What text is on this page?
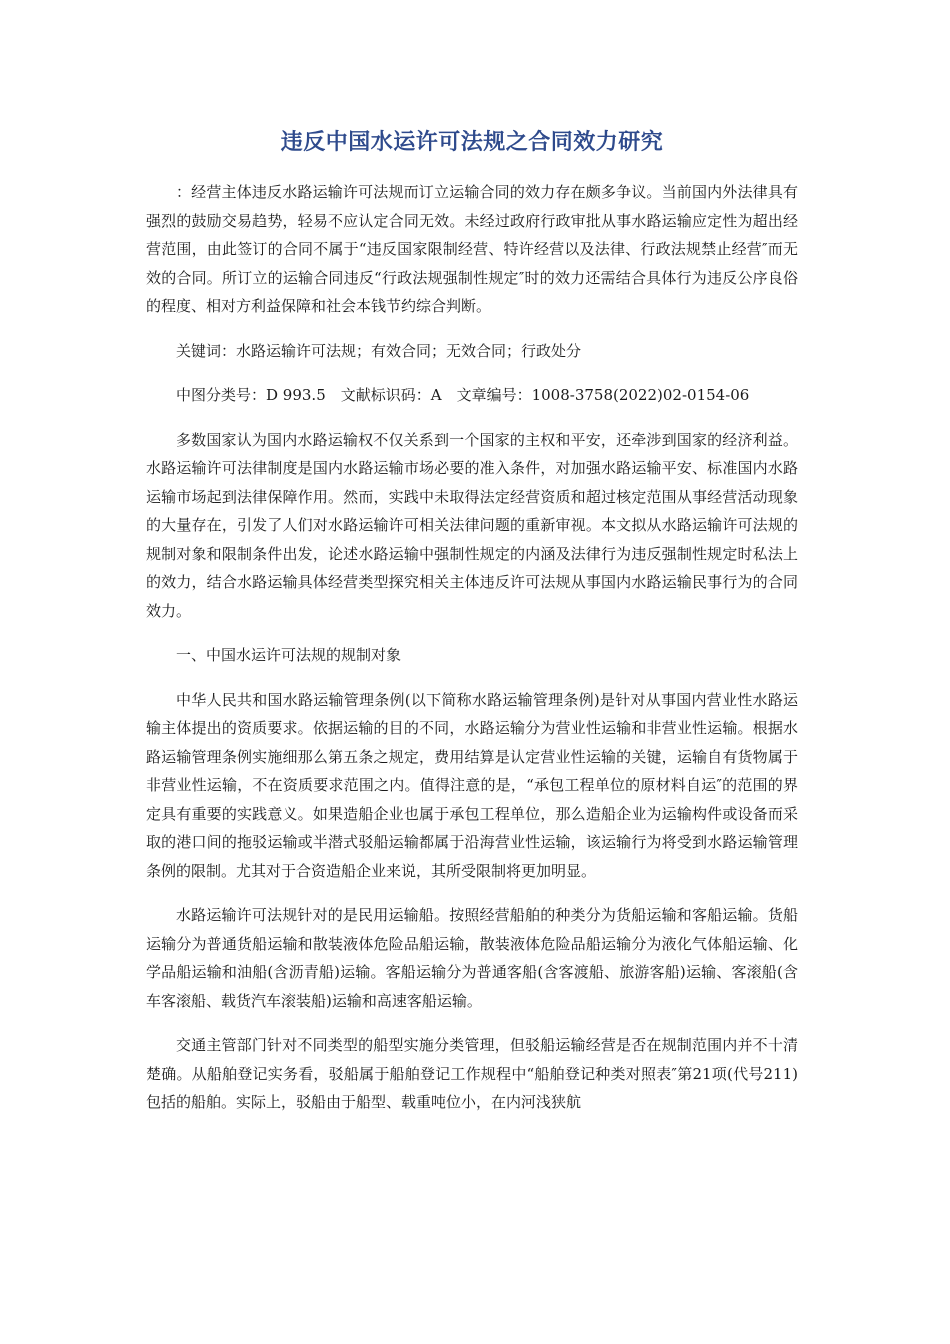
违反中国水运许可法规之合同效力研究

：经营主体违反水路运输许可法规而订立运输合同的效力存在颇多争议。当前国内外法律具有强烈的鼓励交易趋势，轻易不应认定合同无效。未经过政府行政审批从事水路运输应定性为超出经营范围，由此签订的合同不属于“违反国家限制经营、特许经营以及法律、行政法规禁止经营″而无效的合同。所订立的运输合同违反“行政法规强制性规定″时的效力还需结合具体行为违反公序良俗的程度、相对方利益保障和社会本钱节约综合判断。

关键词：水路运输许可法规；有效合同；无效合同；行政处分

中图分类号：D 993.5　文献标识码：A　文章编号：1008-3758(2022)02-0154-06

多数国家认为国内水路运输权不仅关系到一个国家的主权和平安，还牵涉到国家的经济利益。水路运输许可法律制度是国内水路运输市场必要的准入条件，对加强水路运输平安、标准国内水路运输市场起到法律保障作用。然而，实践中未取得法定经营资质和超过核定范围从事经营活动现象的大量存在，引发了人们对水路运输许可相关法律问题的重新审视。本文拟从水路运输许可法规的规制对象和限制条件出发，论述水路运输中强制性规定的内涵及法律行为违反强制性规定时私法上的效力，结合水路运输具体经营类型探究相关主体违反许可法规从事国内水路运输民事行为的合同效力。

一、中国水运许可法规的规制对象

中华人民共和国水路运输管理条例(以下简称水路运输管理条例)是针对从事国内营业性水路运输主体提出的资质要求。依据运输的目的不同，水路运输分为营业性运输和非营业性运输。根据水路运输管理条例实施细那么第五条之规定，费用结算是认定营业性运输的关键，运输自有货物属于非营业性运输，不在资质要求范围之内。值得注意的是，“承包工程单位的原材料自运″的范围的界定具有重要的实践意义。如果造船企业也属于承包工程单位，那么造船企业为运输构件或设备而采取的港口间的拖驳运输或半潜式驳船运输都属于沿海营业性运输，该运输行为将受到水路运输管理条例的限制。尤其对于合资造船企业来说，其所受限制将更加明显。

水路运输许可法规针对的是民用运输船。按照经营船舶的种类分为货船运输和客船运输。货船运输分为普通货船运输和散装液体危险品船运输，散装液体危险品船运输分为液化气体船运输、化学品船运输和油船(含沥青船)运输。客船运输分为普通客船(含客渡船、旅游客船)运输、客滚船(含车客滚船、载货汽车滚装船)运输和高速客船运输。

交通主管部门针对不同类型的船型实施分类管理，但驳船运输经营是否在规制范围内并不十清楚确。从船舶登记实务看，驳船属于船舶登记工作规程中“船舶登记种类对照表″第21项(代号211)包括的船舶。实际上，驳船由于船型、载重吨位小，在内河浅狭航
